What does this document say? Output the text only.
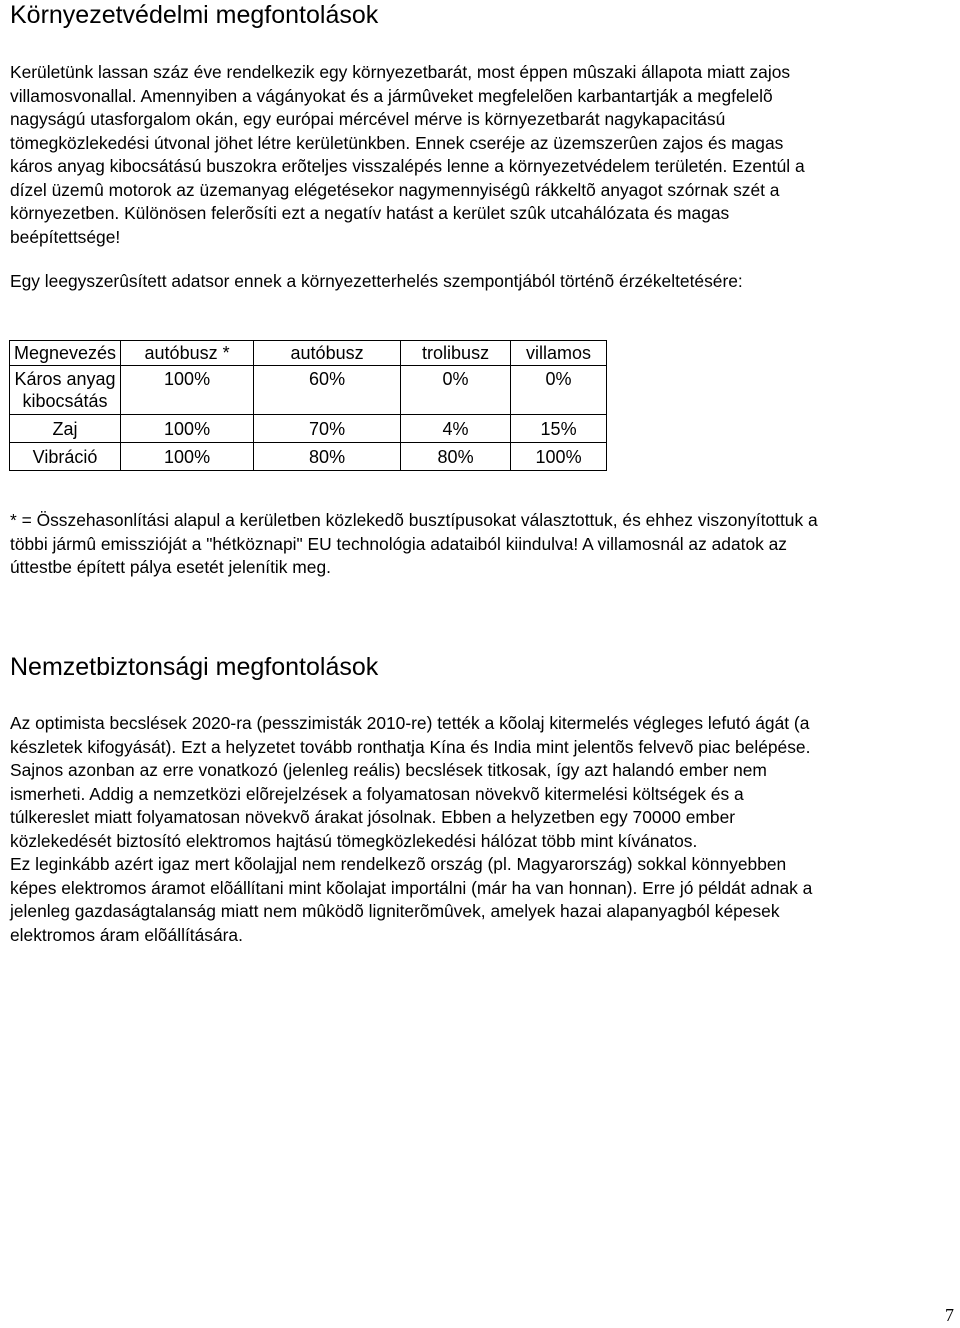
Környezetvédelmi megfontolások

Kerületünk lassan száz éve rendelkezik egy környezetbarát, most éppen mûszaki állapota miatt zajos
villamosvonallal. Amennyiben a vágányokat és a jármûveket megfelelõen karbantartják a megfelelõ
nagyságú utasforgalom okán, egy európai mércével mérve is környezetbarát nagykapacitású
tömegközlekedési útvonal jöhet létre kerületünkben. Ennek cseréje az üzemszerûen zajos és magas
káros anyag kibocsátású buszokra erõteljes visszalépés lenne a környezetvédelem területén. Ezentúl a
dízel üzemû motorok az üzemanyag elégetésekor nagymennyiségû rákkeltõ anyagot szórnak szét a
környezetben. Különösen felerõsíti ezt a negatív hatást a kerület szûk utcahálózata és magas
beépítettsége!

Egy leegyszerûsített adatsor ennek a környezetterhelés szempontjából történõ érzékeltetésére:

Megnevezés	autóbusz *	autóbusz	trolibusz	villamos

Káros anyag
kibocsátás	100%	60%	0%	0%
Zaj	100%	70%	4%	15%
Vibráció	100%	80%	80%	100%

* = Összehasonlítási alapul a kerületben közlekedõ busztípusokat választottuk, és ehhez viszonyítottuk a
többi jármû emisszióját a "hétköznapi" EU technológia adataiból kiindulva! A villamosnál az adatok az
úttestbe épített pálya esetét jelenítik meg.

Nemzetbiztonsági megfontolások

Az optimista becslések 2020-ra (pesszimisták 2010-re) tették a kõolaj kitermelés végleges lefutó ágát (a
készletek kifogyását). Ezt a helyzetet tovább ronthatja Kína és India mint jelentõs felvevõ piac belépése.
Sajnos azonban az erre vonatkozó (jelenleg reális) becslések titkosak, így azt halandó ember nem
ismerheti. Addig a nemzetközi elõrejelzések a folyamatosan növekvõ kitermelési költségek és a
túlkereslet miatt folyamatosan növekvõ árakat jósolnak. Ebben a helyzetben egy 70000 ember
közlekedését biztosító elektromos hajtású tömegközlekedési hálózat több mint kívánatos.
Ez leginkább azért igaz mert kõolajjal nem rendelkezõ ország (pl. Magyarország) sokkal könnyebben
képes elektromos áramot elõállítani mint kõolajat importálni (már ha van honnan). Erre jó példát adnak a
jelenleg gazdaságtalanság miatt nem mûködõ ligniterõmûvek, amelyek hazai alapanyagból képesek
elektromos áram elõállítására.

7
